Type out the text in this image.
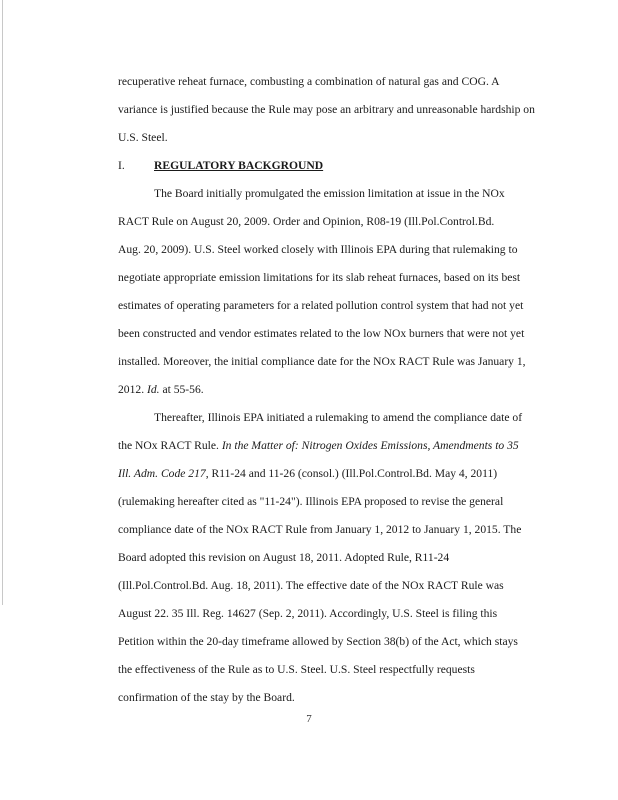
recuperative reheat furnace, combusting a combination of natural gas and COG. A
variance is justified because the Rule may pose an arbitrary and unreasonable hardship on
U.S. Steel.
I.	REGULATORY BACKGROUND
The Board initially promulgated the emission limitation at issue in the NOx
RACT Rule on August 20, 2009. Order and Opinion, R08-19 (Ill.Pol.Control.Bd.
Aug. 20, 2009). U.S. Steel worked closely with Illinois EPA during that rulemaking to
negotiate appropriate emission limitations for its slab reheat furnaces, based on its best
estimates of operating parameters for a related pollution control system that had not yet
been constructed and vendor estimates related to the low NOx burners that were not yet
installed. Moreover, the initial compliance date for the NOx RACT Rule was January 1,
2012. Id. at 55-56.
Thereafter, Illinois EPA initiated a rulemaking to amend the compliance date of
the NOx RACT Rule. In the Matter of: Nitrogen Oxides Emissions, Amendments to 35
Ill. Adm. Code 217, R11-24 and 11-26 (consol.) (Ill.Pol.Control.Bd. May 4, 2011)
(rulemaking hereafter cited as "11-24"). Illinois EPA proposed to revise the general
compliance date of the NOx RACT Rule from January 1, 2012 to January 1, 2015. The
Board adopted this revision on August 18, 2011. Adopted Rule, R11-24
(Ill.Pol.Control.Bd. Aug. 18, 2011). The effective date of the NOx RACT Rule was
August 22. 35 Ill. Reg. 14627 (Sep. 2, 2011). Accordingly, U.S. Steel is filing this
Petition within the 20-day timeframe allowed by Section 38(b) of the Act, which stays
the effectiveness of the Rule as to U.S. Steel. U.S. Steel respectfully requests
confirmation of the stay by the Board.
7
